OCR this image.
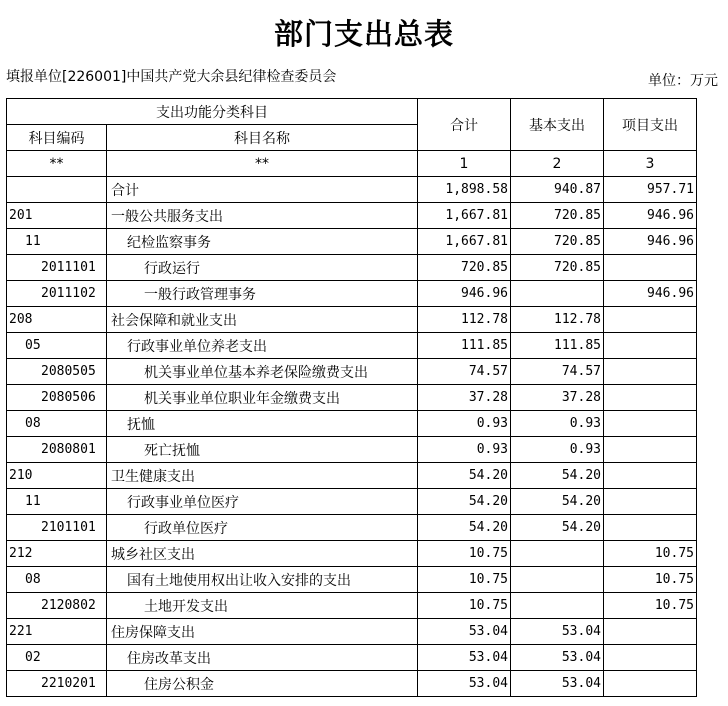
部门支出总表
填报单位[226001]中国共产党大余县纪律检查委员会	单位：万元
支出功能分类科目		合计	基本支出	项目支出
科目编码	科目名称			
**	**	1	2	3
	合计	1,898.58	940.87	957.71
201	一般公共服务支出	1,667.81	720.85	946.96
11	纪检监察事务	1,667.81	720.85	946.96
2011101	行政运行	720.85	720.85	
2011102	一般行政管理事务	946.96		946.96
208	社会保障和就业支出	112.78	112.78	
05	行政事业单位养老支出	111.85	111.85	
2080505	机关事业单位基本养老保险缴费支出	74.57	74.57	
2080506	机关事业单位职业年金缴费支出	37.28	37.28	
08	抚恤	0.93	0.93	
2080801	死亡抚恤	0.93	0.93	
210	卫生健康支出	54.20	54.20	
11	行政事业单位医疗	54.20	54.20	
2101101	行政单位医疗	54.20	54.20	
212	城乡社区支出	10.75		10.75
08	国有土地使用权出让收入安排的支出	10.75		10.75
2120802	土地开发支出	10.75		10.75
221	住房保障支出	53.04	53.04	
02	住房改革支出	53.04	53.04	
2210201	住房公积金	53.04	53.04	
